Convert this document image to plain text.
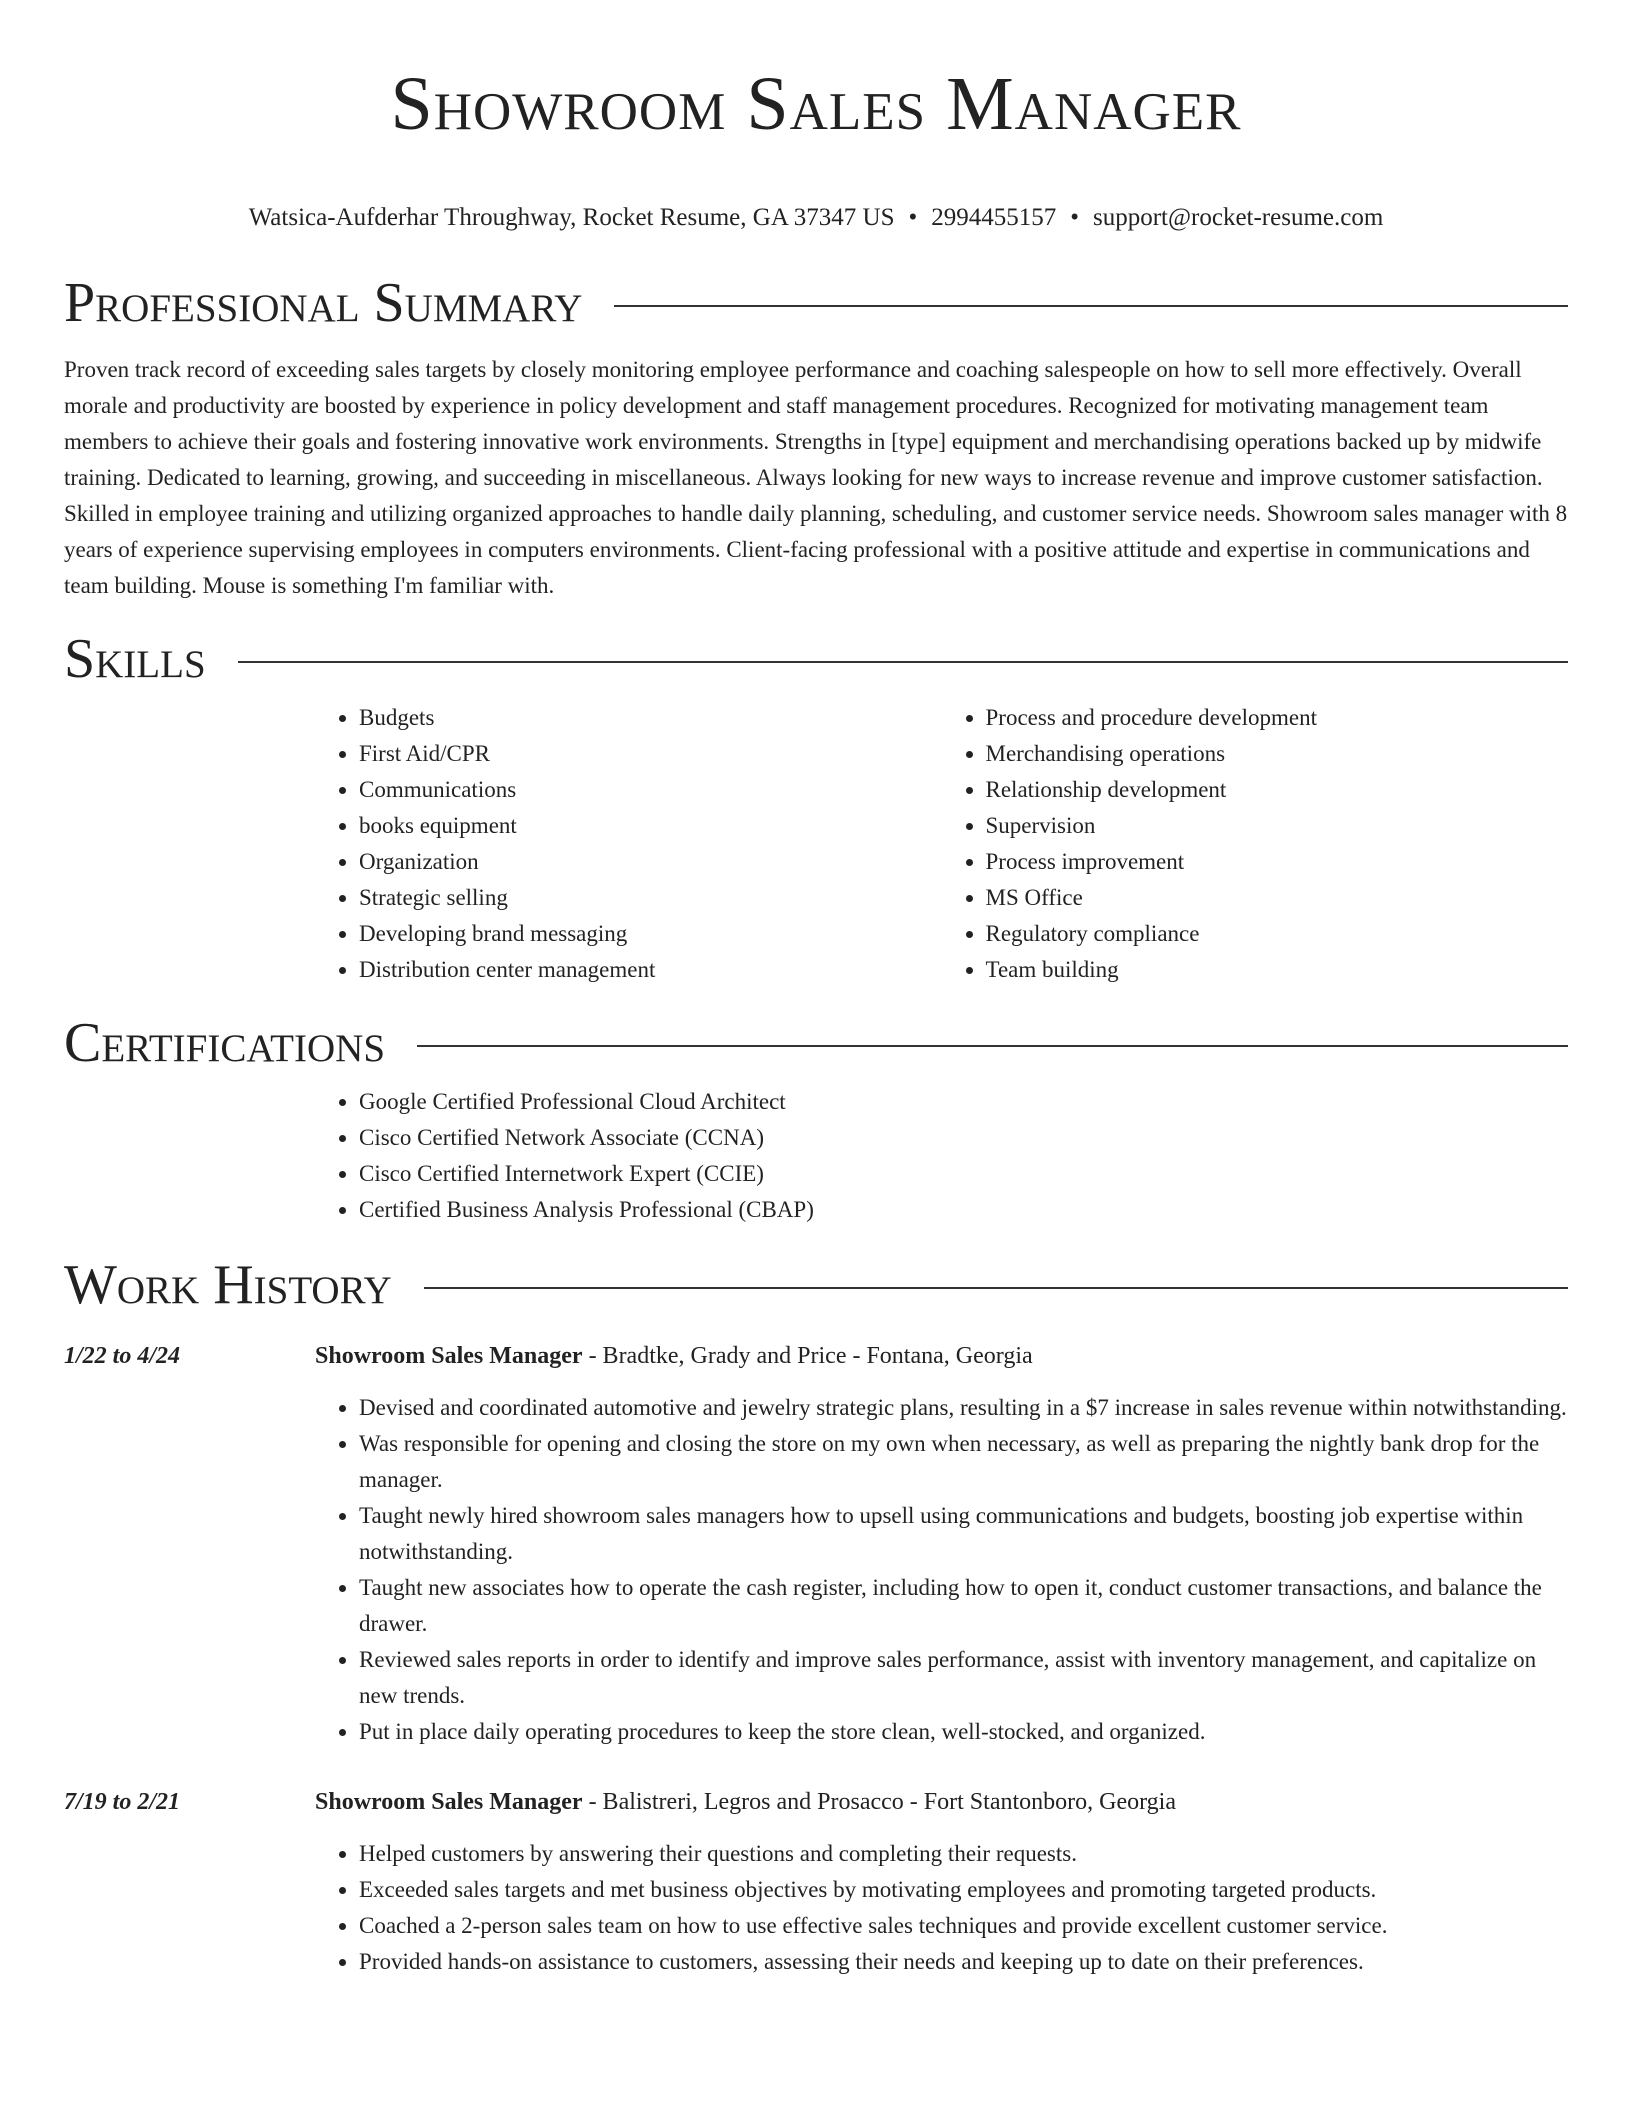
Showroom Sales Manager
Watsica-Aufderhar Throughway, Rocket Resume, GA 37347 US • 2994455157 • support@rocket-resume.com
Professional Summary

Proven track record of exceeding sales targets by closely monitoring employee performance and coaching salespeople on how to sell more effectively. Overall morale and productivity are boosted by experience in policy development and staff management procedures. Recognized for motivating management team members to achieve their goals and fostering innovative work environments. Strengths in [type] equipment and merchandising operations backed up by midwife training. Dedicated to learning, growing, and succeeding in miscellaneous. Always looking for new ways to increase revenue and improve customer satisfaction. Skilled in employee training and utilizing organized approaches to handle daily planning, scheduling, and customer service needs. Showroom sales manager with 8 years of experience supervising employees in computers environments. Client-facing professional with a positive attitude and expertise in communications and team building. Mouse is something I'm familiar with.

Skills
• Budgets
• First Aid/CPR
• Communications
• books equipment
• Organization
• Strategic selling
• Developing brand messaging
• Distribution center management
• Process and procedure development
• Merchandising operations
• Relationship development
• Supervision
• Process improvement
• MS Office
• Regulatory compliance
• Team building
Certifications
• Google Certified Professional Cloud Architect
• Cisco Certified Network Associate (CCNA)
• Cisco Certified Internetwork Expert (CCIE)
• Certified Business Analysis Professional (CBAP)
Work History
1/22 to 4/24	Showroom Sales Manager - Bradtke, Grady and Price - Fontana, Georgia
• Devised and coordinated automotive and jewelry strategic plans, resulting in a $7 increase in sales revenue within notwithstanding.
• Was responsible for opening and closing the store on my own when necessary, as well as preparing the nightly bank drop for the manager.
• Taught newly hired showroom sales managers how to upsell using communications and budgets, boosting job expertise within notwithstanding.
• Taught new associates how to operate the cash register, including how to open it, conduct customer transactions, and balance the drawer.
• Reviewed sales reports in order to identify and improve sales performance, assist with inventory management, and capitalize on new trends.
• Put in place daily operating procedures to keep the store clean, well-stocked, and organized.
7/19 to 2/21	Showroom Sales Manager - Balistreri, Legros and Prosacco - Fort Stantonboro, Georgia
• Helped customers by answering their questions and completing their requests.
• Exceeded sales targets and met business objectives by motivating employees and promoting targeted products.
• Coached a 2-person sales team on how to use effective sales techniques and provide excellent customer service.
• Provided hands-on assistance to customers, assessing their needs and keeping up to date on their preferences.
